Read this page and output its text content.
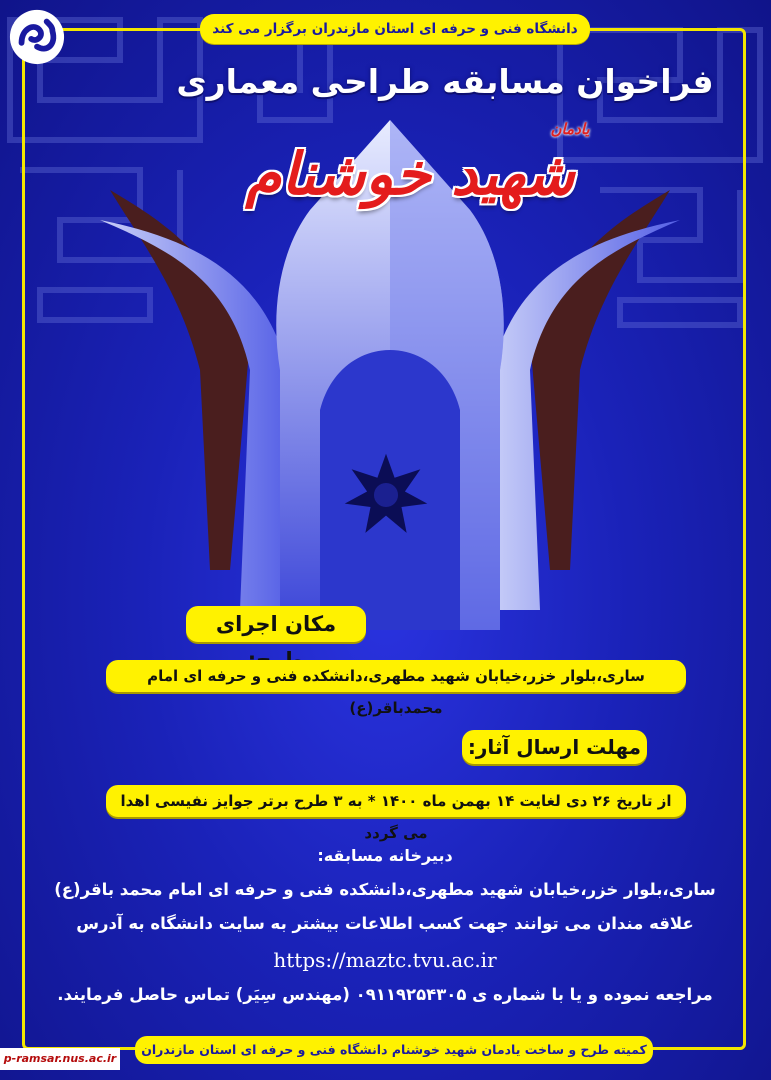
دانشگاه فنی و حرفه ای استان مازندران برگزار می کند
فراخوان مسابقه طراحی معماری
یادمان
شهید خوشنام
مکان اجرای
ساری،بلوار خزر،خیابان شهید مطهری،دانشکده فنی و حرفه ای امام محمدباقر(ع)
مهلت ارسال آثار:
از تاریخ ۲۶ دی لغایت ۱۴ بهمن ماه ۱۴۰۰ * به ۳ طرح برتر جوایز نفیسی اهدا می گردد
دبیرخانه مسابقه:
ساری،بلوار خزر،خیابان شهید مطهری،دانشکده فنی و حرفه ای امام محمد باقر(ع)
علاقه مندان می توانند جهت کسب اطلاعات بیشتر به سایت دانشگاه به آدرس
https://maztc.tvu.ac.ir
مراجعه نموده و یا با شماره ی ۰۹۱۱۹۲۵۴۳۰۵ (مهندس سِیَر) تماس حاصل فرمایند.
کمیته طرح و ساخت یادمان شهید خوشنام دانشگاه فنی و حرفه ای استان مازندران
p-ramsar.nus.ac.ir
